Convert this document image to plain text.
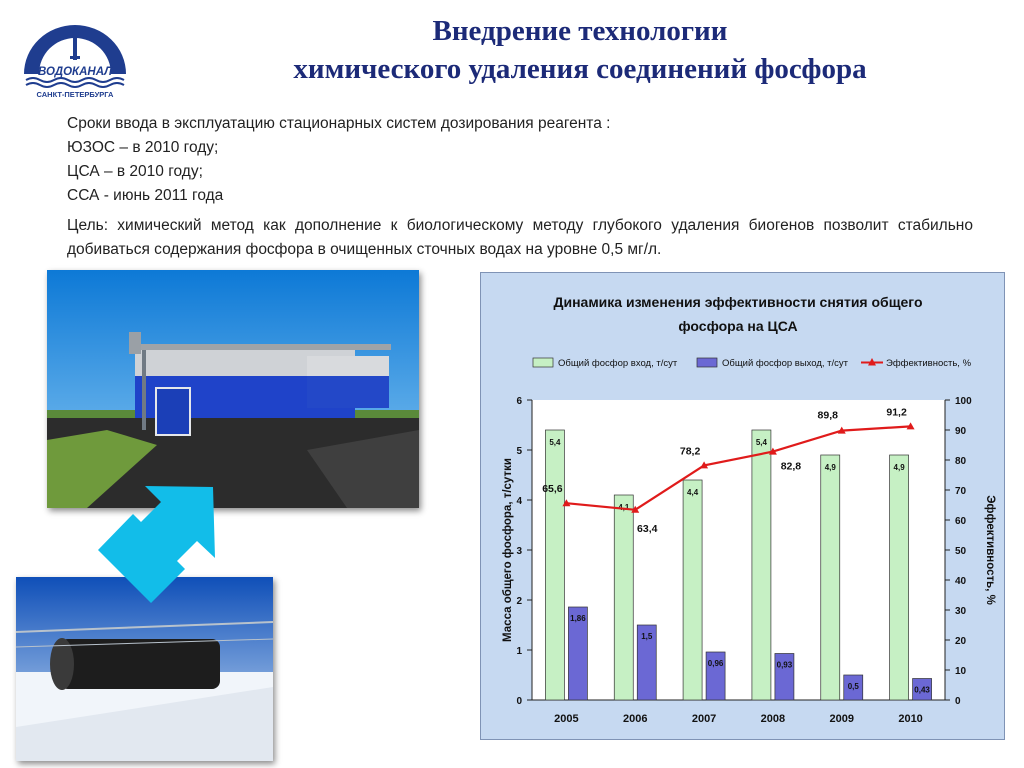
ВОДОКАНАЛ
САНКТ-ПЕТЕРБУРГА
Внедрение технологии
химического удаления соединений фосфора
Сроки ввода в эксплуатацию стационарных систем дозирования реагента :
ЮЗОС – в 2010 году;
ЦСА – в 2010 году;
ССА - июнь 2011 года
Цель: химический метод как дополнение к биологическому методу глубокого удаления биогенов позволит стабильно добиваться содержания фосфора в очищенных сточных водах на уровне 0,5 мг/л.
Динамика изменения эффективности снятия общего
фосфора на ЦСА
Общий фосфор вход, т/сут	Общий фосфор выход, т/сут	Эффективность, %
0
1
2
3
4
5
6
0
10
20
30
40
50
60
70
80
90
100
Масса общего фосфора, т/сутки	Эффективность, %
5,4
1,86
2005
4,1
1,5
2006
4,4
0,96
2007
5,4
0,93
2008
4,9
0,5
2009
4,9
0,43
2010
65,6
63,4
78,2
82,8
89,8	91,2
